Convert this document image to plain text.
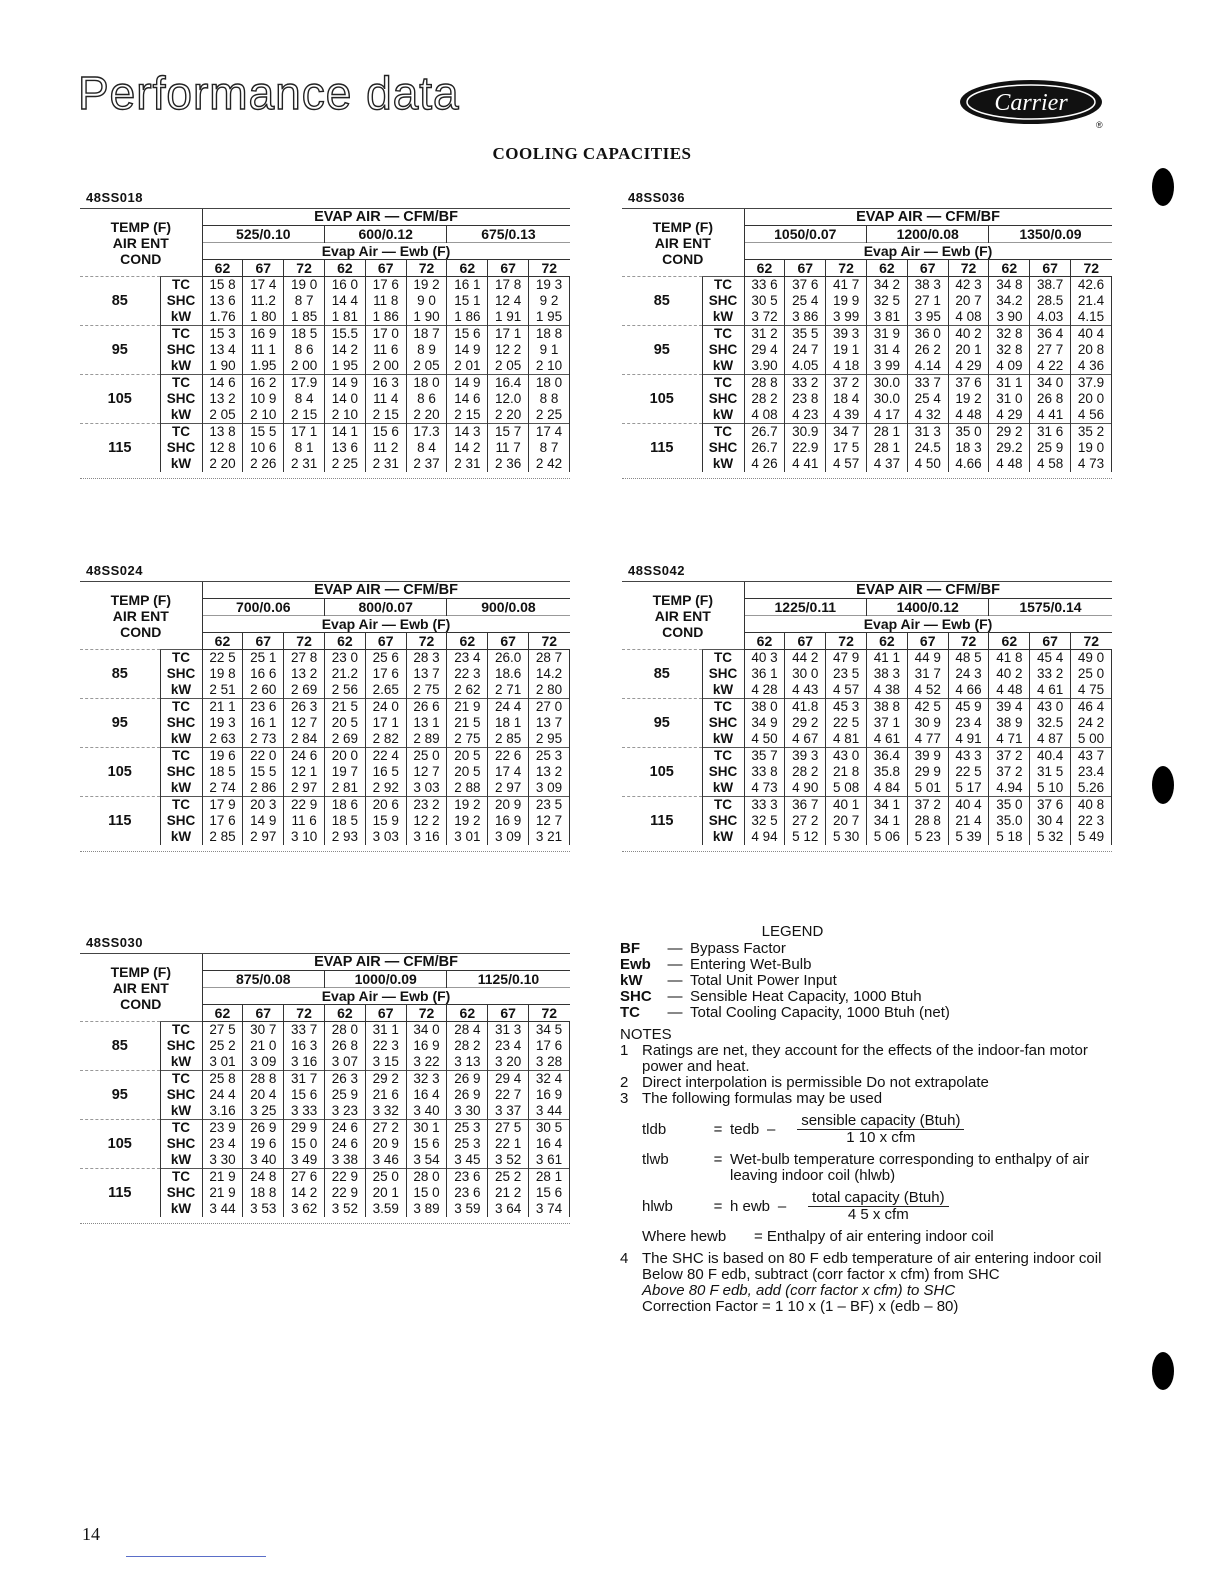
Performance data	Carrier
®
COOLING CAPACITIES
48SS018
TEMP (F)
AIR ENT
COND		EVAP AIR — CFM/BF								
		525/0.10			600/0.12			675/0.13		
		Evap Air — Ewb (F)								
		62	67	72	62	67	72	62	67	72
85	TC	15 8	17 4	19 0	16 0	17 6	19 2	16 1	17 8	19 3
	SHC	13 6	11.2	8 7	14 4	11 8	9 0	15 1	12 4	9 2
	kW	1.76	1 80	1 85	1 81	1 86	1 90	1 86	1 91	1 95
95	TC	15 3	16 9	18 5	15.5	17 0	18 7	15 6	17 1	18 8
	SHC	13 4	11 1	8 6	14 2	11 6	8 9	14 9	12 2	9 1
	kW	1 90	1.95	2 00	1 95	2 00	2 05	2 01	2 05	2 10
105	TC	14 6	16 2	17.9	14 9	16 3	18 0	14 9	16.4	18 0
	SHC	13 2	10 9	8 4	14 0	11 4	8 6	14 6	12.0	8 8
	kW	2 05	2 10	2 15	2 10	2 15	2 20	2 15	2 20	2 25
115	TC	13 8	15 5	17 1	14 1	15 6	17.3	14 3	15 7	17 4
	SHC	12 8	10 6	8 1	13 6	11 2	8 4	14 2	11 7	8 7
	kW	2 20	2 26	2 31	2 25	2 31	2 37	2 31	2 36	2 42
48SS036
TEMP (F)
AIR ENT
COND		EVAP AIR — CFM/BF								
		1050/0.07			1200/0.08			1350/0.09		
		Evap Air — Ewb (F)								
		62	67	72	62	67	72	62	67	72
85	TC	33 6	37 6	41 7	34 2	38 3	42 3	34 8	38.7	42.6
	SHC	30 5	25 4	19 9	32 5	27 1	20 7	34.2	28.5	21.4
	kW	3 72	3 86	3 99	3 81	3 95	4 08	3 90	4.03	4.15
95	TC	31 2	35 5	39 3	31 9	36 0	40 2	32 8	36 4	40 4
	SHC	29 4	24 7	19 1	31 4	26 2	20 1	32 8	27 7	20 8
	kW	3.90	4.05	4 18	3 99	4.14	4 29	4 09	4 22	4 36
105	TC	28 8	33 2	37 2	30.0	33 7	37 6	31 1	34 0	37.9
	SHC	28 2	23 8	18 4	30.0	25 4	19 2	31 0	26 8	20 0
	kW	4 08	4 23	4 39	4 17	4 32	4 48	4 29	4 41	4 56
115	TC	26.7	30.9	34 7	28 1	31 3	35 0	29 2	31 6	35 2
	SHC	26.7	22.9	17 5	28 1	24.5	18 3	29.2	25 9	19 0
	kW	4 26	4 41	4 57	4 37	4 50	4.66	4 48	4 58	4 73
48SS024
TEMP (F)
AIR ENT
COND		EVAP AIR — CFM/BF								
		700/0.06			800/0.07			900/0.08		
		Evap Air — Ewb (F)								
		62	67	72	62	67	72	62	67	72
85	TC	22 5	25 1	27 8	23 0	25 6	28 3	23 4	26.0	28 7
	SHC	19 8	16 6	13 2	21.2	17 6	13 7	22 3	18.6	14.2
	kW	2 51	2 60	2 69	2 56	2.65	2 75	2 62	2 71	2 80
95	TC	21 1	23 6	26 3	21 5	24 0	26 6	21 9	24 4	27 0
	SHC	19 3	16 1	12 7	20 5	17 1	13 1	21 5	18 1	13 7
	kW	2 63	2 73	2 84	2 69	2 82	2 89	2 75	2 85	2 95
105	TC	19 6	22 0	24 6	20 0	22 4	25 0	20 5	22 6	25 3
	SHC	18 5	15 5	12 1	19 7	16 5	12 7	20 5	17 4	13 2
	kW	2 74	2 86	2 97	2 81	2 92	3 03	2 88	2 97	3 09
115	TC	17 9	20 3	22 9	18 6	20 6	23 2	19 2	20 9	23 5
	SHC	17 6	14 9	11 6	18 5	15 9	12 2	19 2	16 9	12 7
	kW	2 85	2 97	3 10	2 93	3 03	3 16	3 01	3 09	3 21
48SS042
TEMP (F)
AIR ENT
COND		EVAP AIR — CFM/BF								
		1225/0.11			1400/0.12			1575/0.14		
		Evap Air — Ewb (F)								
		62	67	72	62	67	72	62	67	72
85	TC	40 3	44 2	47 9	41 1	44 9	48 5	41 8	45 4	49 0
	SHC	36 1	30 0	23 5	38 3	31 7	24 3	40 2	33 2	25 0
	kW	4 28	4 43	4 57	4 38	4 52	4 66	4 48	4 61	4 75
95	TC	38 0	41.8	45 3	38 8	42 5	45 9	39 4	43 0	46 4
	SHC	34 9	29 2	22 5	37 1	30 9	23 4	38 9	32.5	24 2
	kW	4 50	4 67	4 81	4 61	4 77	4 91	4 71	4 87	5 00
105	TC	35 7	39 3	43 0	36.4	39 9	43 3	37 2	40.4	43 7
	SHC	33 8	28 2	21 8	35.8	29 9	22 5	37 2	31 5	23.4
	kW	4 73	4 90	5 08	4 84	5 01	5 17	4.94	5 10	5.26
115	TC	33 3	36 7	40 1	34 1	37 2	40 4	35 0	37 6	40 8
	SHC	32 5	27 2	20 7	34 1	28 8	21 4	35.0	30 4	22 3
	kW	4 94	5 12	5 30	5 06	5 23	5 39	5 18	5 32	5 49
48SS030
TEMP (F)
AIR ENT
COND		EVAP AIR — CFM/BF								
		875/0.08			1000/0.09			1125/0.10		
		Evap Air — Ewb (F)								
		62	67	72	62	67	72	62	67	72
85	TC	27 5	30 7	33 7	28 0	31 1	34 0	28 4	31 3	34 5
	SHC	25 2	21 0	16 3	26 8	22 3	16 9	28 2	23 4	17 6
	kW	3 01	3 09	3 16	3 07	3 15	3 22	3 13	3 20	3 28
95	TC	25 8	28 8	31 7	26 3	29 2	32 3	26 9	29 4	32 4
	SHC	24 4	20 4	15 6	25 9	21 6	16 4	26 9	22 7	16 9
	kW	3.16	3 25	3 33	3 23	3 32	3 40	3 30	3 37	3 44
105	TC	23 9	26 9	29 9	24 6	27 2	30 1	25 3	27 5	30 5
	SHC	23 4	19 6	15 0	24 6	20 9	15 6	25 3	22 1	16 4
	kW	3 30	3 40	3 49	3 38	3 46	3 54	3 45	3 52	3 61
115	TC	21 9	24 8	27 6	22 9	25 0	28 0	23 6	25 2	28 1
	SHC	21 9	18 8	14 2	22 9	20 1	15 0	23 6	21 2	15 6
	kW	3 44	3 53	3 62	3 52	3.59	3 89	3 59	3 64	3 74
LEGEND
BF	— Bypass Factor
Ewb	— Entering Wet-Bulb
kW	— Total Unit Power Input
SHC	— Sensible Heat Capacity, 1000 Btuh
TC	— Total Cooling Capacity, 1000 Btuh (net)
NOTES
1 Ratings are net, they account for the effects of the indoor-fan motor power and heat.
2 Direct interpolation is permissible Do not extrapolate
3 The following formulas may be used
tldb	= tedb –	$\frac{\text{sensible capacity (Btuh)}}{\text{1 10 x cfm}}$
tlwb	= Wet-bulb temperature corresponding to enthalpy of air leaving indoor coil (hlwb)
hlwb	= h ewb –	$\frac{\text{total capacity (Btuh)}}{\text{4 5 x cfm}}$
Where hewb	= Enthalpy of air entering indoor coil
4 The SHC is based on 80 F edb temperature of air entering indoor coil
Below 80 F edb, subtract (corr factor x cfm) from SHC
Above 80 F edb, add (corr factor x cfm) to SHC
Correction Factor = 1 10 x (1 – BF) x (edb – 80)
14
